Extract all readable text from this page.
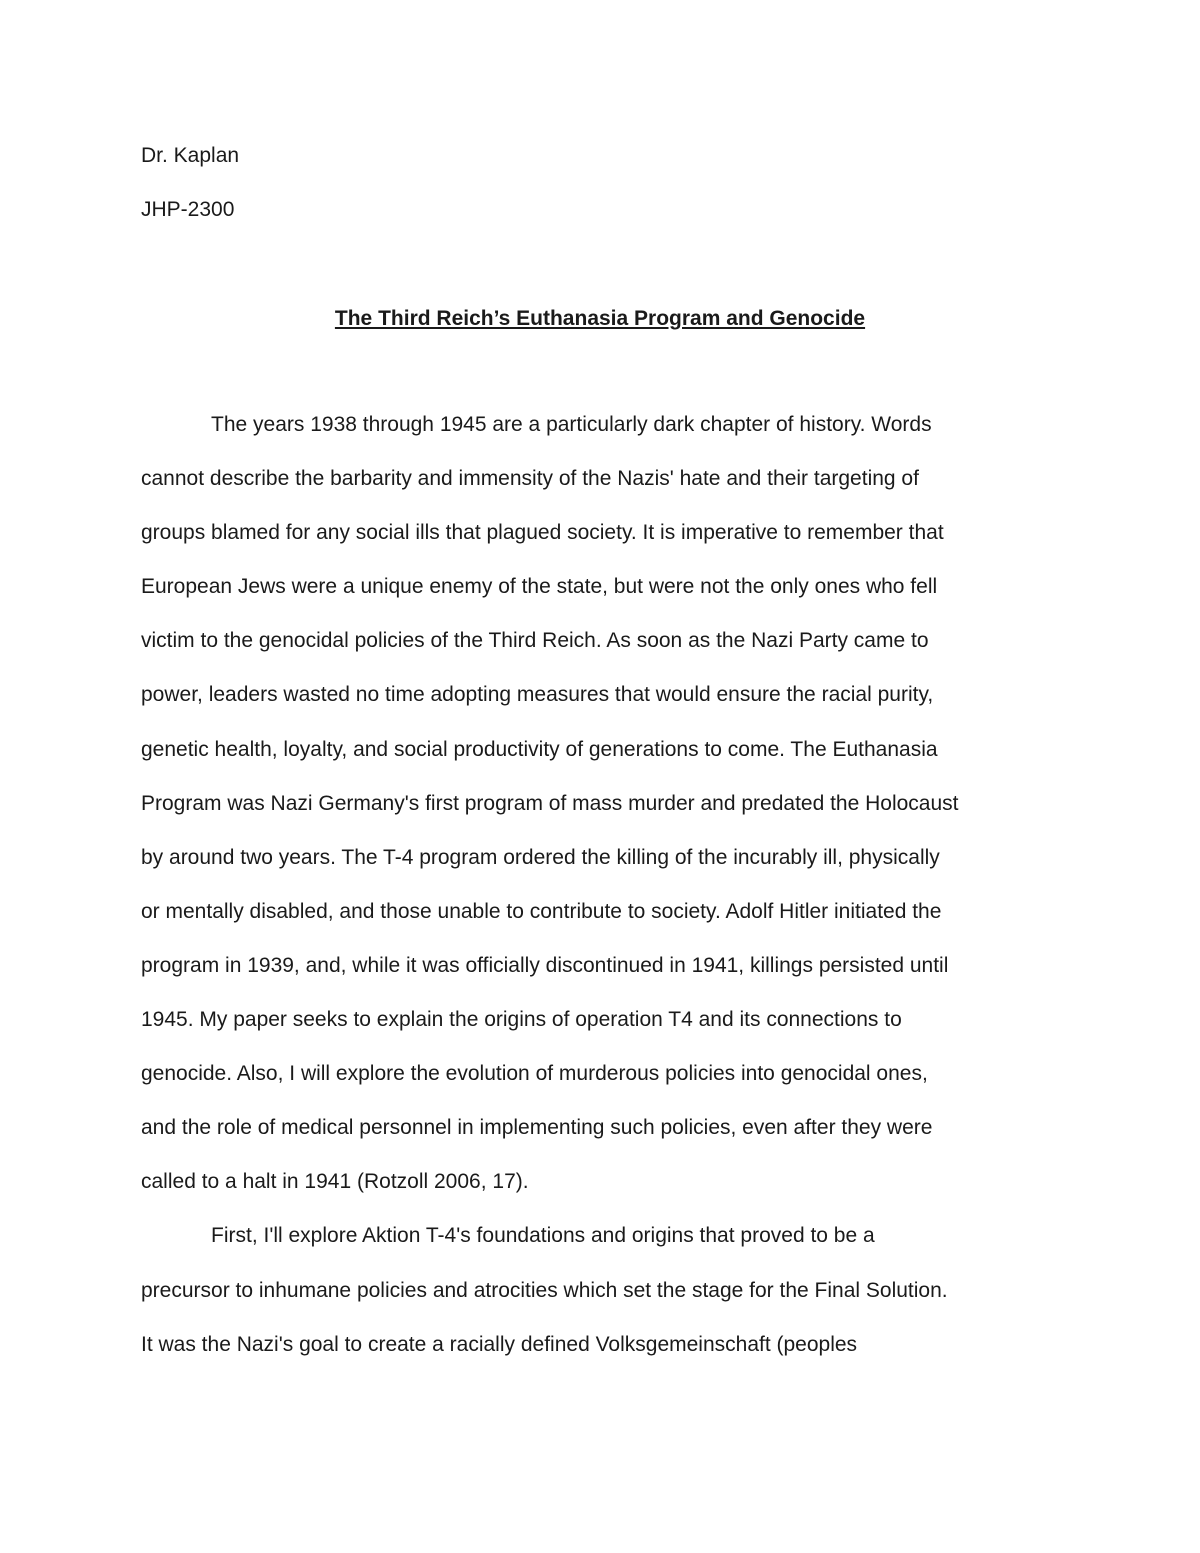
Dr. Kaplan

JHP-2300

The Third Reich’s Euthanasia Program and Genocide
The years 1938 through 1945 are a particularly dark chapter of history. Words
cannot describe the barbarity and immensity of the Nazis' hate and their targeting of
groups blamed for any social ills that plagued society. It is imperative to remember that
European Jews were a unique enemy of the state, but were not the only ones who fell
victim to the genocidal policies of the Third Reich. As soon as the Nazi Party came to
power, leaders wasted no time adopting measures that would ensure the racial purity,
genetic health, loyalty, and social productivity of generations to come. The Euthanasia
Program was Nazi Germany's first program of mass murder and predated the Holocaust
by around two years. The T-4 program ordered the killing of the incurably ill, physically
or mentally disabled, and those unable to contribute to society. Adolf Hitler initiated the
program in 1939, and, while it was officially discontinued in 1941, killings persisted until
1945. My paper seeks to explain the origins of operation T4 and its connections to
genocide. Also, I will explore the evolution of murderous policies into genocidal ones,
and the role of medical personnel in implementing such policies, even after they were
called to a halt in 1941 (Rotzoll 2006, 17).
First, I'll explore Aktion T-4's foundations and origins that proved to be a
precursor to inhumane policies and atrocities which set the stage for the Final Solution.
It was the Nazi's goal to create a racially defined Volksgemeinschaft (peoples
